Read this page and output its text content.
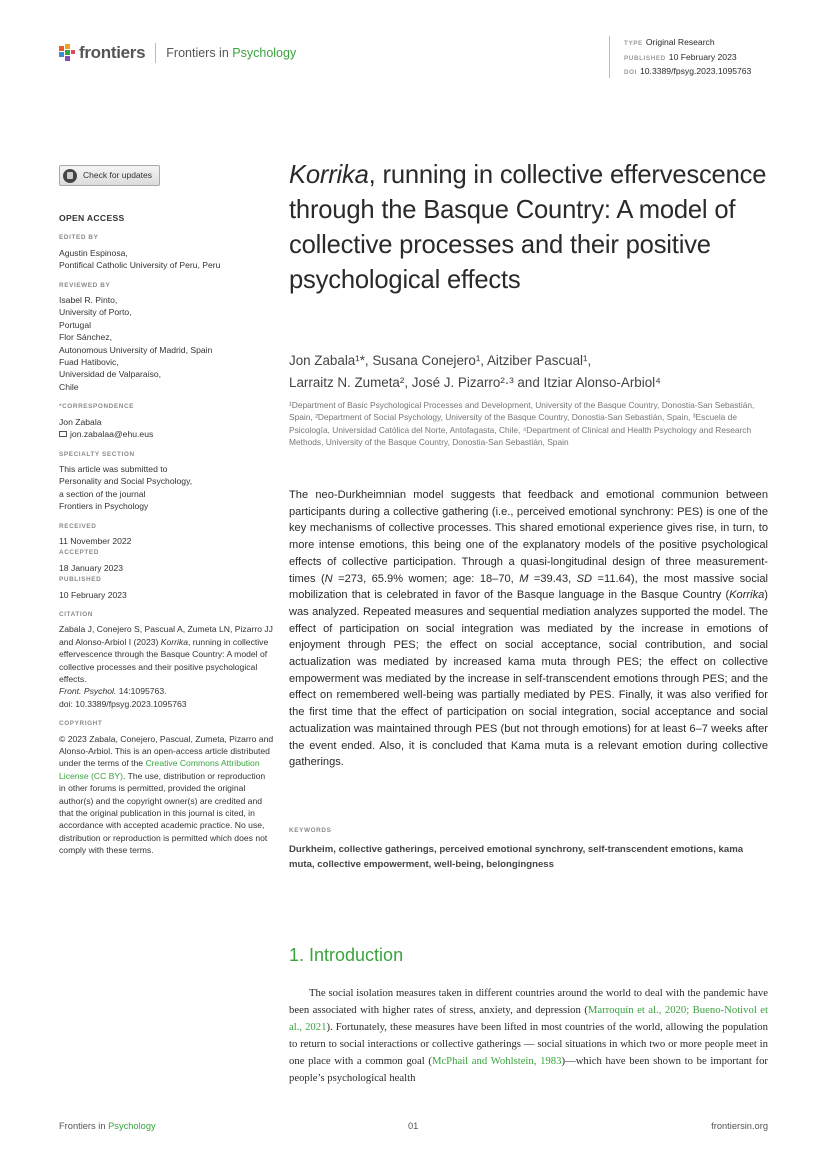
frontiers Frontiers in Psychology
TYPE Original Research
PUBLISHED 10 February 2023
DOI 10.3389/fpsyg.2023.1095763
Check for updates
OPEN ACCESS
EDITED BY
Agustin Espinosa,
Pontifical Catholic University of Peru, Peru
REVIEWED BY
Isabel R. Pinto,
University of Porto,
Portugal
Flor Sánchez,
Autonomous University of Madrid, Spain
Fuad Hatibovic,
Universidad de Valparaiso,
Chile
*CORRESPONDENCE
Jon Zabala
jon.zabalaa@ehu.eus
SPECIALTY SECTION
This article was submitted to
Personality and Social Psychology,
a section of the journal
Frontiers in Psychology
RECEIVED
11 November 2022
ACCEPTED
18 January 2023
PUBLISHED
10 February 2023
CITATION
Zabala J, Conejero S, Pascual A, Zumeta LN, Pizarro JJ and Alonso-Arbiol I (2023) Korrika, running in collective effervescence through the Basque Country: A model of collective processes and their positive psychological effects.
Front. Psychol. 14:1095763.
doi: 10.3389/fpsyg.2023.1095763
COPYRIGHT
© 2023 Zabala, Conejero, Pascual, Zumeta, Pizarro and Alonso-Arbiol. This is an open-access article distributed under the terms of the Creative Commons Attribution License (CC BY). The use, distribution or reproduction in other forums is permitted, provided the original author(s) and the copyright owner(s) are credited and that the original publication in this journal is cited, in accordance with accepted academic practice. No use, distribution or reproduction is permitted which does not comply with these terms.
Korrika, running in collective effervescence through the Basque Country: A model of collective processes and their positive psychological effects
Jon Zabala¹*, Susana Conejero¹, Aitziber Pascual¹,
Larraitz N. Zumeta², José J. Pizarro²·³ and Itziar Alonso-Arbiol⁴
¹Department of Basic Psychological Processes and Development, University of the Basque Country, Donostia-San Sebastián, Spain, ²Department of Social Psychology, University of the Basque Country, Donostia-San Sebastián, Spain, ³Escuela de Psicología, Universidad Católica del Norte, Antofagasta, Chile, ⁴Department of Clinical and Health Psychology and Research Methods, University of the Basque Country, Donostia-San Sebastián, Spain
The neo-Durkheimnian model suggests that feedback and emotional communion between participants during a collective gathering (i.e., perceived emotional synchrony: PES) is one of the key mechanisms of collective processes. This shared emotional experience gives rise, in turn, to more intense emotions, this being one of the explanatory models of the positive psychological effects of collective participation. Through a quasi-longitudinal design of three measurement-times (N =273, 65.9% women; age: 18–70, M =39.43, SD =11.64), the most massive social mobilization that is celebrated in favor of the Basque language in the Basque Country (Korrika) was analyzed. Repeated measures and sequential mediation analyzes supported the model. The effect of participation on social integration was mediated by the increase in emotions of enjoyment through PES; the effect on social acceptance, social contribution, and social actualization was mediated by increased kama muta through PES; the effect on collective empowerment was mediated by the increase in self-transcendent emotions through PES; and the effect on remembered well-being was partially mediated by PES. Finally, it was also verified for the first time that the effect of participation on social integration, social acceptance and social actualization was maintained through PES (but not through emotions) for at least 6–7 weeks after the event ended. Also, it is concluded that Kama muta is a relevant emotion during collective gatherings.
KEYWORDS
Durkheim, collective gatherings, perceived emotional synchrony, self-transcendent emotions, kama muta, collective empowerment, well-being, belongingness
1. Introduction

The social isolation measures taken in different countries around the world to deal with the pandemic have been associated with higher rates of stress, anxiety, and depression (Marroquín et al., 2020; Bueno-Notivol et al., 2021). Fortunately, these measures have been lifted in most countries of the world, allowing the population to return to social interactions or collective gatherings — social situations in which two or more people meet in one place with a common goal (McPhail and Wohlstein, 1983)—which have been shown to be important for people’s psychological health

Frontiers in Psychology	01	frontiersin.org
